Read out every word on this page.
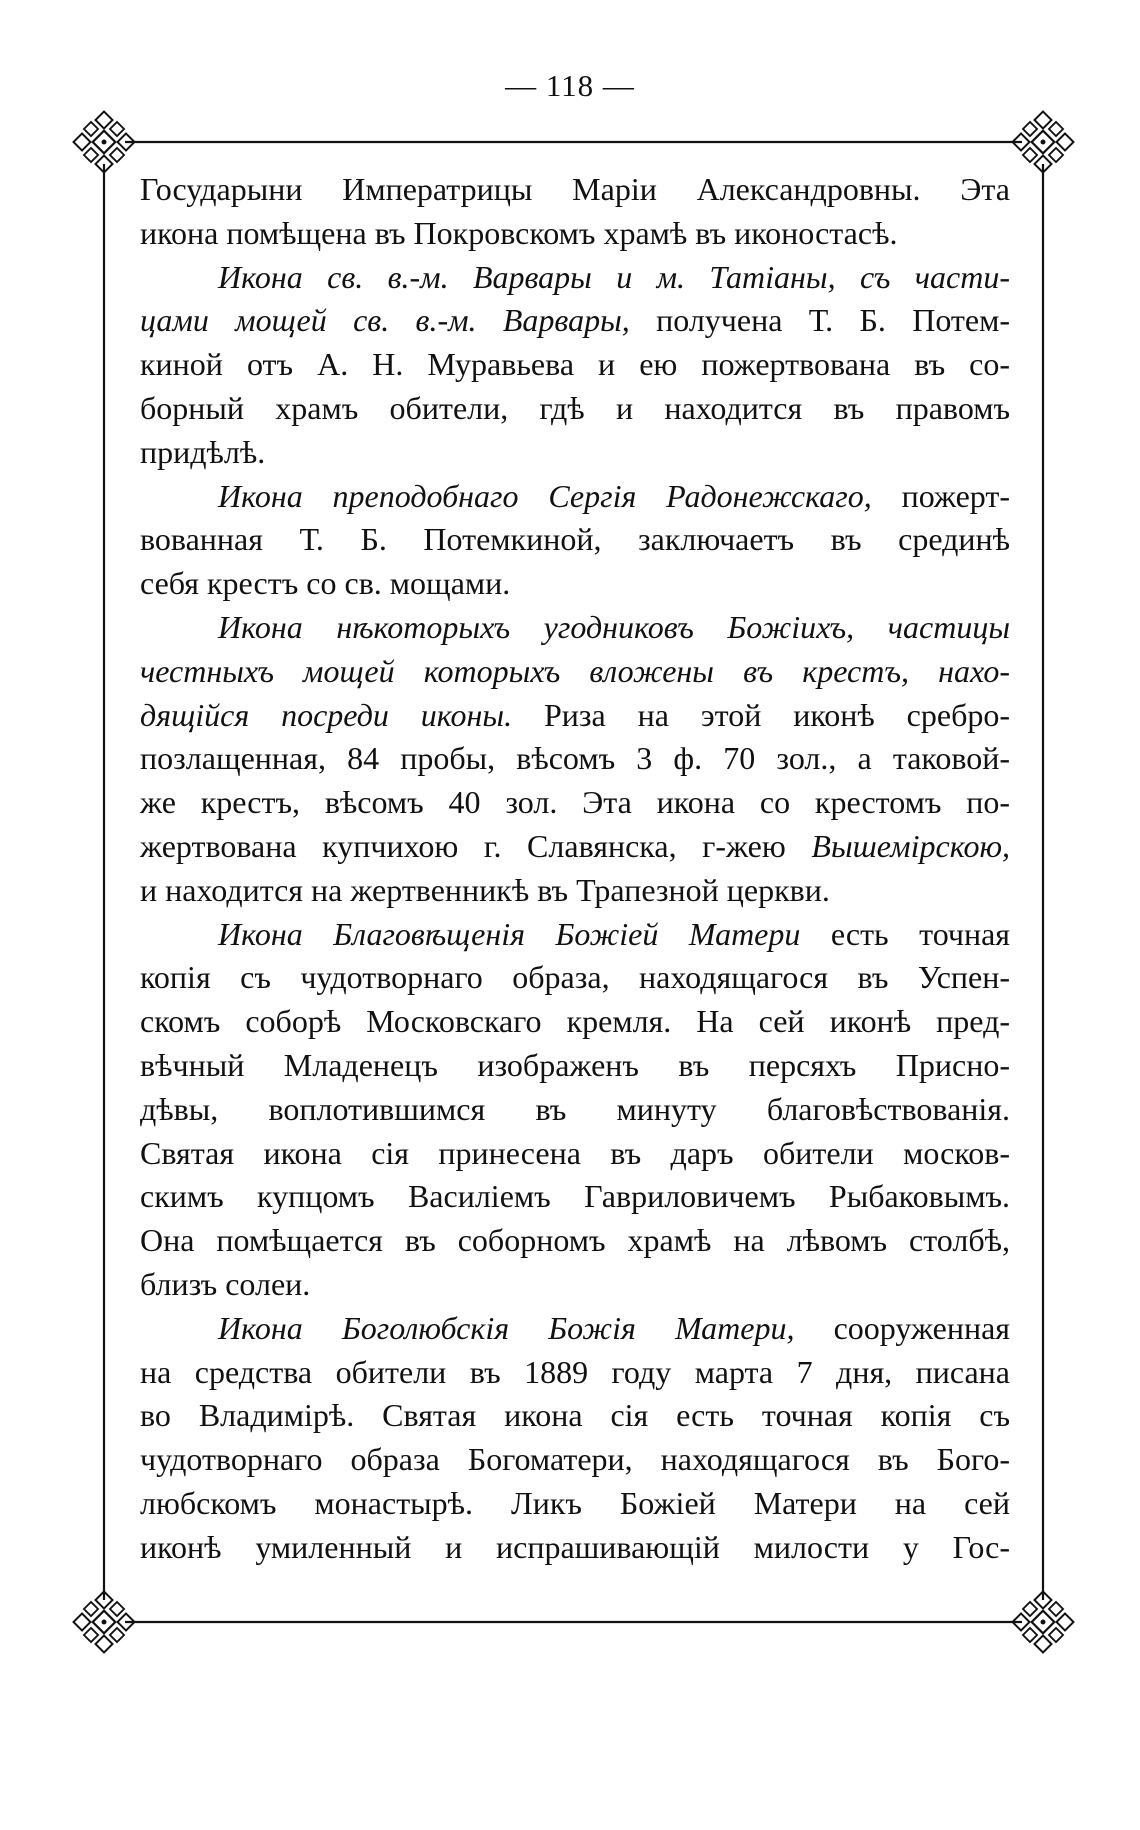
— 118 —
Государыни Императрицы Маріи Александровны. Эта
икона помѣщена въ Покровскомъ храмѣ въ иконостасѣ.
Икона св. в.-м. Варвары и м. Татіаны, съ части-
цами мощей св. в.-м. Варвары, получена Т. Б. Потем-
киной отъ А. Н. Муравьева и ею пожертвована въ со-
борный храмъ обители, гдѣ и находится въ правомъ
придѣлѣ.
Икона преподобнаго Сергія Радонежскаго, пожерт-
вованная Т. Б. Потемкиной, заключаетъ въ срединѣ
себя крестъ со св. мощами.
Икона нѣкоторыхъ угодниковъ Божіихъ, частицы
честныхъ мощей которыхъ вложены въ крестъ, нахо-
дящійся посреди иконы. Риза на этой иконѣ сребро-
позлащенная, 84 пробы, вѣсомъ 3 ф. 70 зол., а таковой-
же крестъ, вѣсомъ 40 зол. Эта икона со крестомъ по-
жертвована купчихою г. Славянска, г-жею Вышемірскою,
и находится на жертвенникѣ въ Трапезной церкви.
Икона Благовѣщенія Божіей Матери есть точная
копія съ чудотворнаго образа, находящагося въ Успен-
скомъ соборѣ Московскаго кремля. На сей иконѣ пред-
вѣчный Младенецъ изображенъ въ персяхъ Присно-
дѣвы, воплотившимся въ минуту благовѣствованія.
Святая икона сія принесена въ даръ обители москов-
скимъ купцомъ Василіемъ Гавриловичемъ Рыбаковымъ.
Она помѣщается въ соборномъ храмѣ на лѣвомъ столбѣ,
близъ солеи.
Икона Боголюбскія Божія Матери, сооруженная
на средства обители въ 1889 году марта 7 дня, писана
во Владимірѣ. Святая икона сія есть точная копія съ
чудотворнаго образа Богоматери, находящагося въ Бого-
любскомъ монастырѣ. Ликъ Божіей Матери на сей
иконѣ умиленный и испрашивающій милости у Гос-
